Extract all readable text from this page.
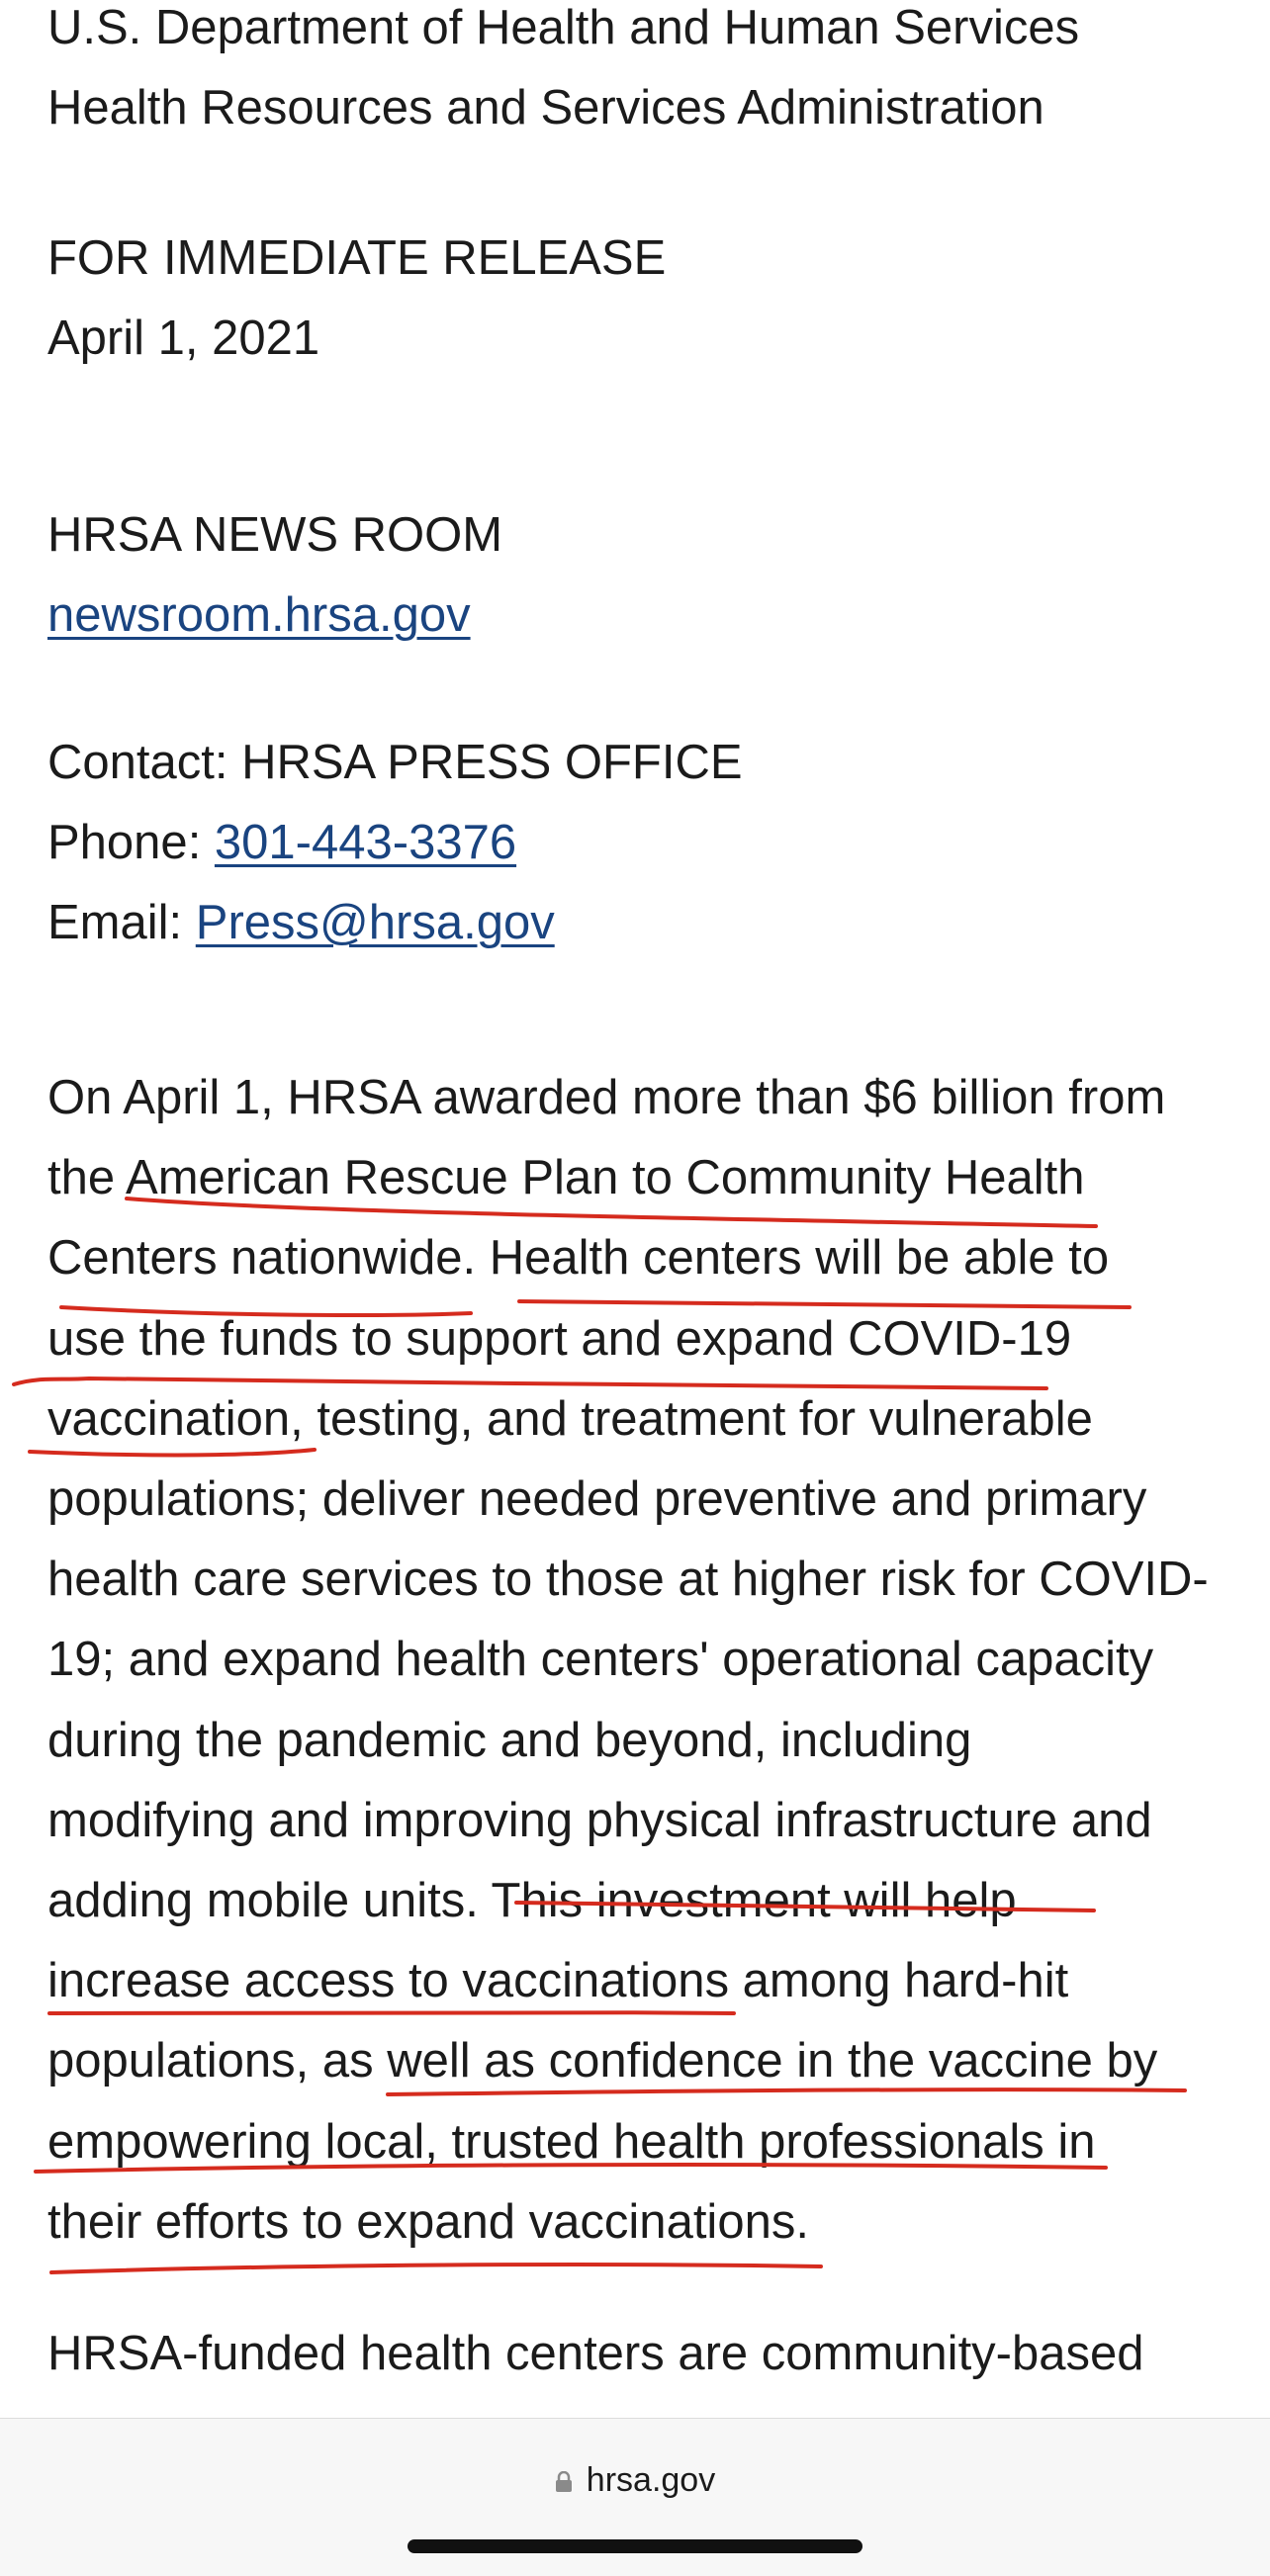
U.S. Department of Health and Human Services
Health Resources and Services Administration
FOR IMMEDIATE RELEASE
April 1, 2021
HRSA NEWS ROOM
newsroom.hrsa.gov
Contact: HRSA PRESS OFFICE
Phone: 301-443-3376
Email: Press@hrsa.gov
On April 1, HRSA awarded more than $6 billion from
the American Rescue Plan to Community Health
Centers nationwide. Health centers will be able to
use the funds to support and expand COVID-19
vaccination, testing, and treatment for vulnerable
populations; deliver needed preventive and primary
health care services to those at higher risk for COVID-
19; and expand health centers' operational capacity
during the pandemic and beyond, including
modifying and improving physical infrastructure and
adding mobile units. This investment will help
increase access to vaccinations among hard-hit
populations, as well as confidence in the vaccine by
empowering local, trusted health professionals in
their efforts to expand vaccinations.
HRSA-funded health centers are community-based
hrsa.gov
